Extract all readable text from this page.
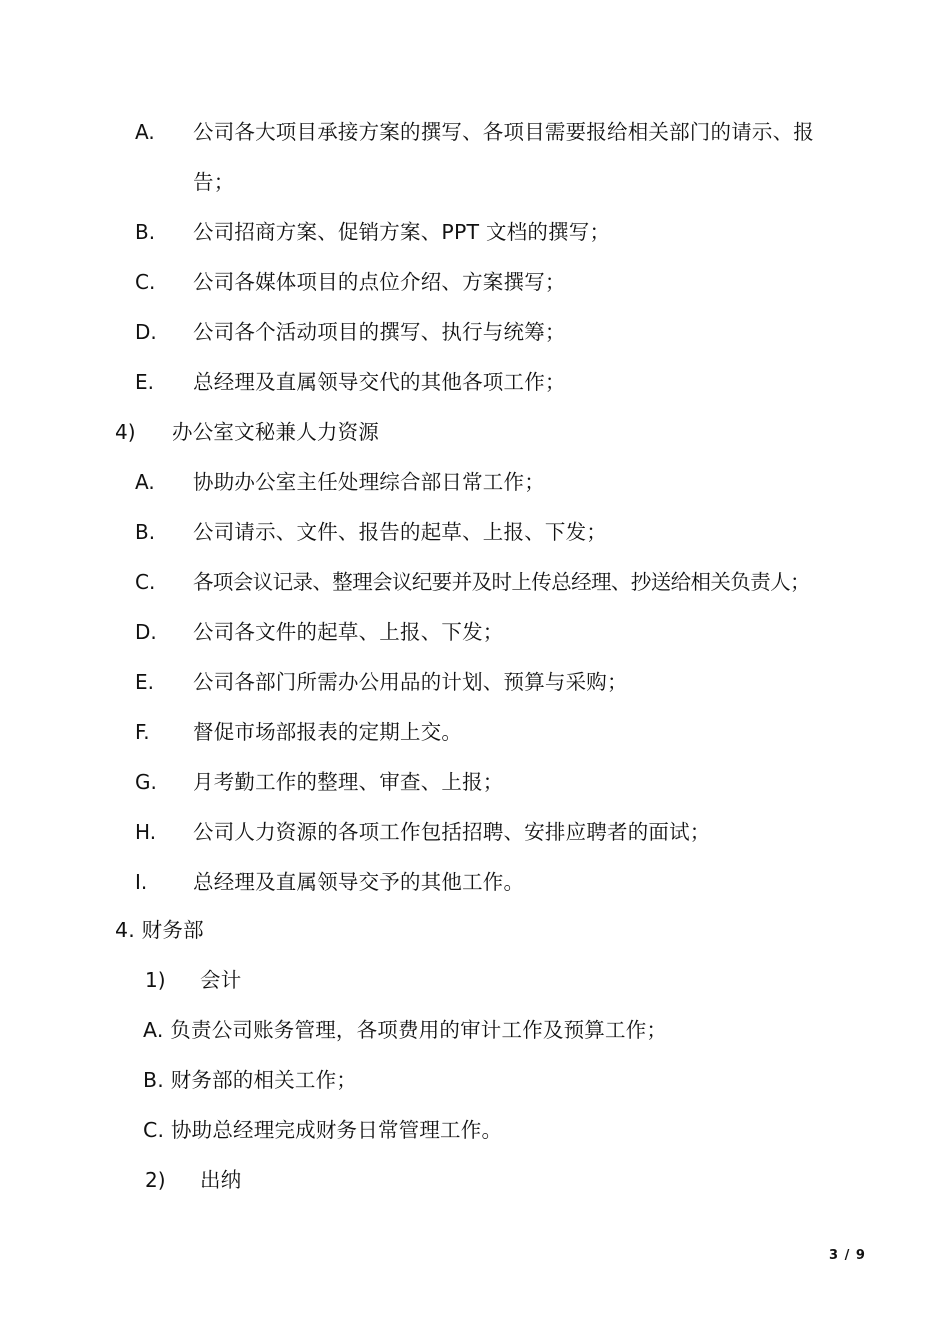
A. 公司各大项目承接方案的撰写、各项目需要报给相关部门的请示、报
告；
B. 公司招商方案、促销方案、PPT 文档的撰写；
C. 公司各媒体项目的点位介绍、方案撰写；
D. 公司各个活动项目的撰写、执行与统筹；
E. 总经理及直属领导交代的其他各项工作；
4) 办公室文秘兼人力资源
A. 协助办公室主任处理综合部日常工作；
B. 公司请示、文件、报告的起草、上报、下发；
C. 各项会议记录、整理会议纪要并及时上传总经理、抄送给相关负责人；
D. 公司各文件的起草、上报、下发；
E. 公司各部门所需办公用品的计划、预算与采购；
F. 督促市场部报表的定期上交。
G. 月考勤工作的整理、审查、上报；
H. 公司人力资源的各项工作包括招聘、安排应聘者的面试；
I. 总经理及直属领导交予的其他工作。
4. 财务部
1) 会计
A. 负责公司账务管理，各项费用的审计工作及预算工作；
B. 财务部的相关工作；
C. 协助总经理完成财务日常管理工作。
2) 出纳
3 / 9
